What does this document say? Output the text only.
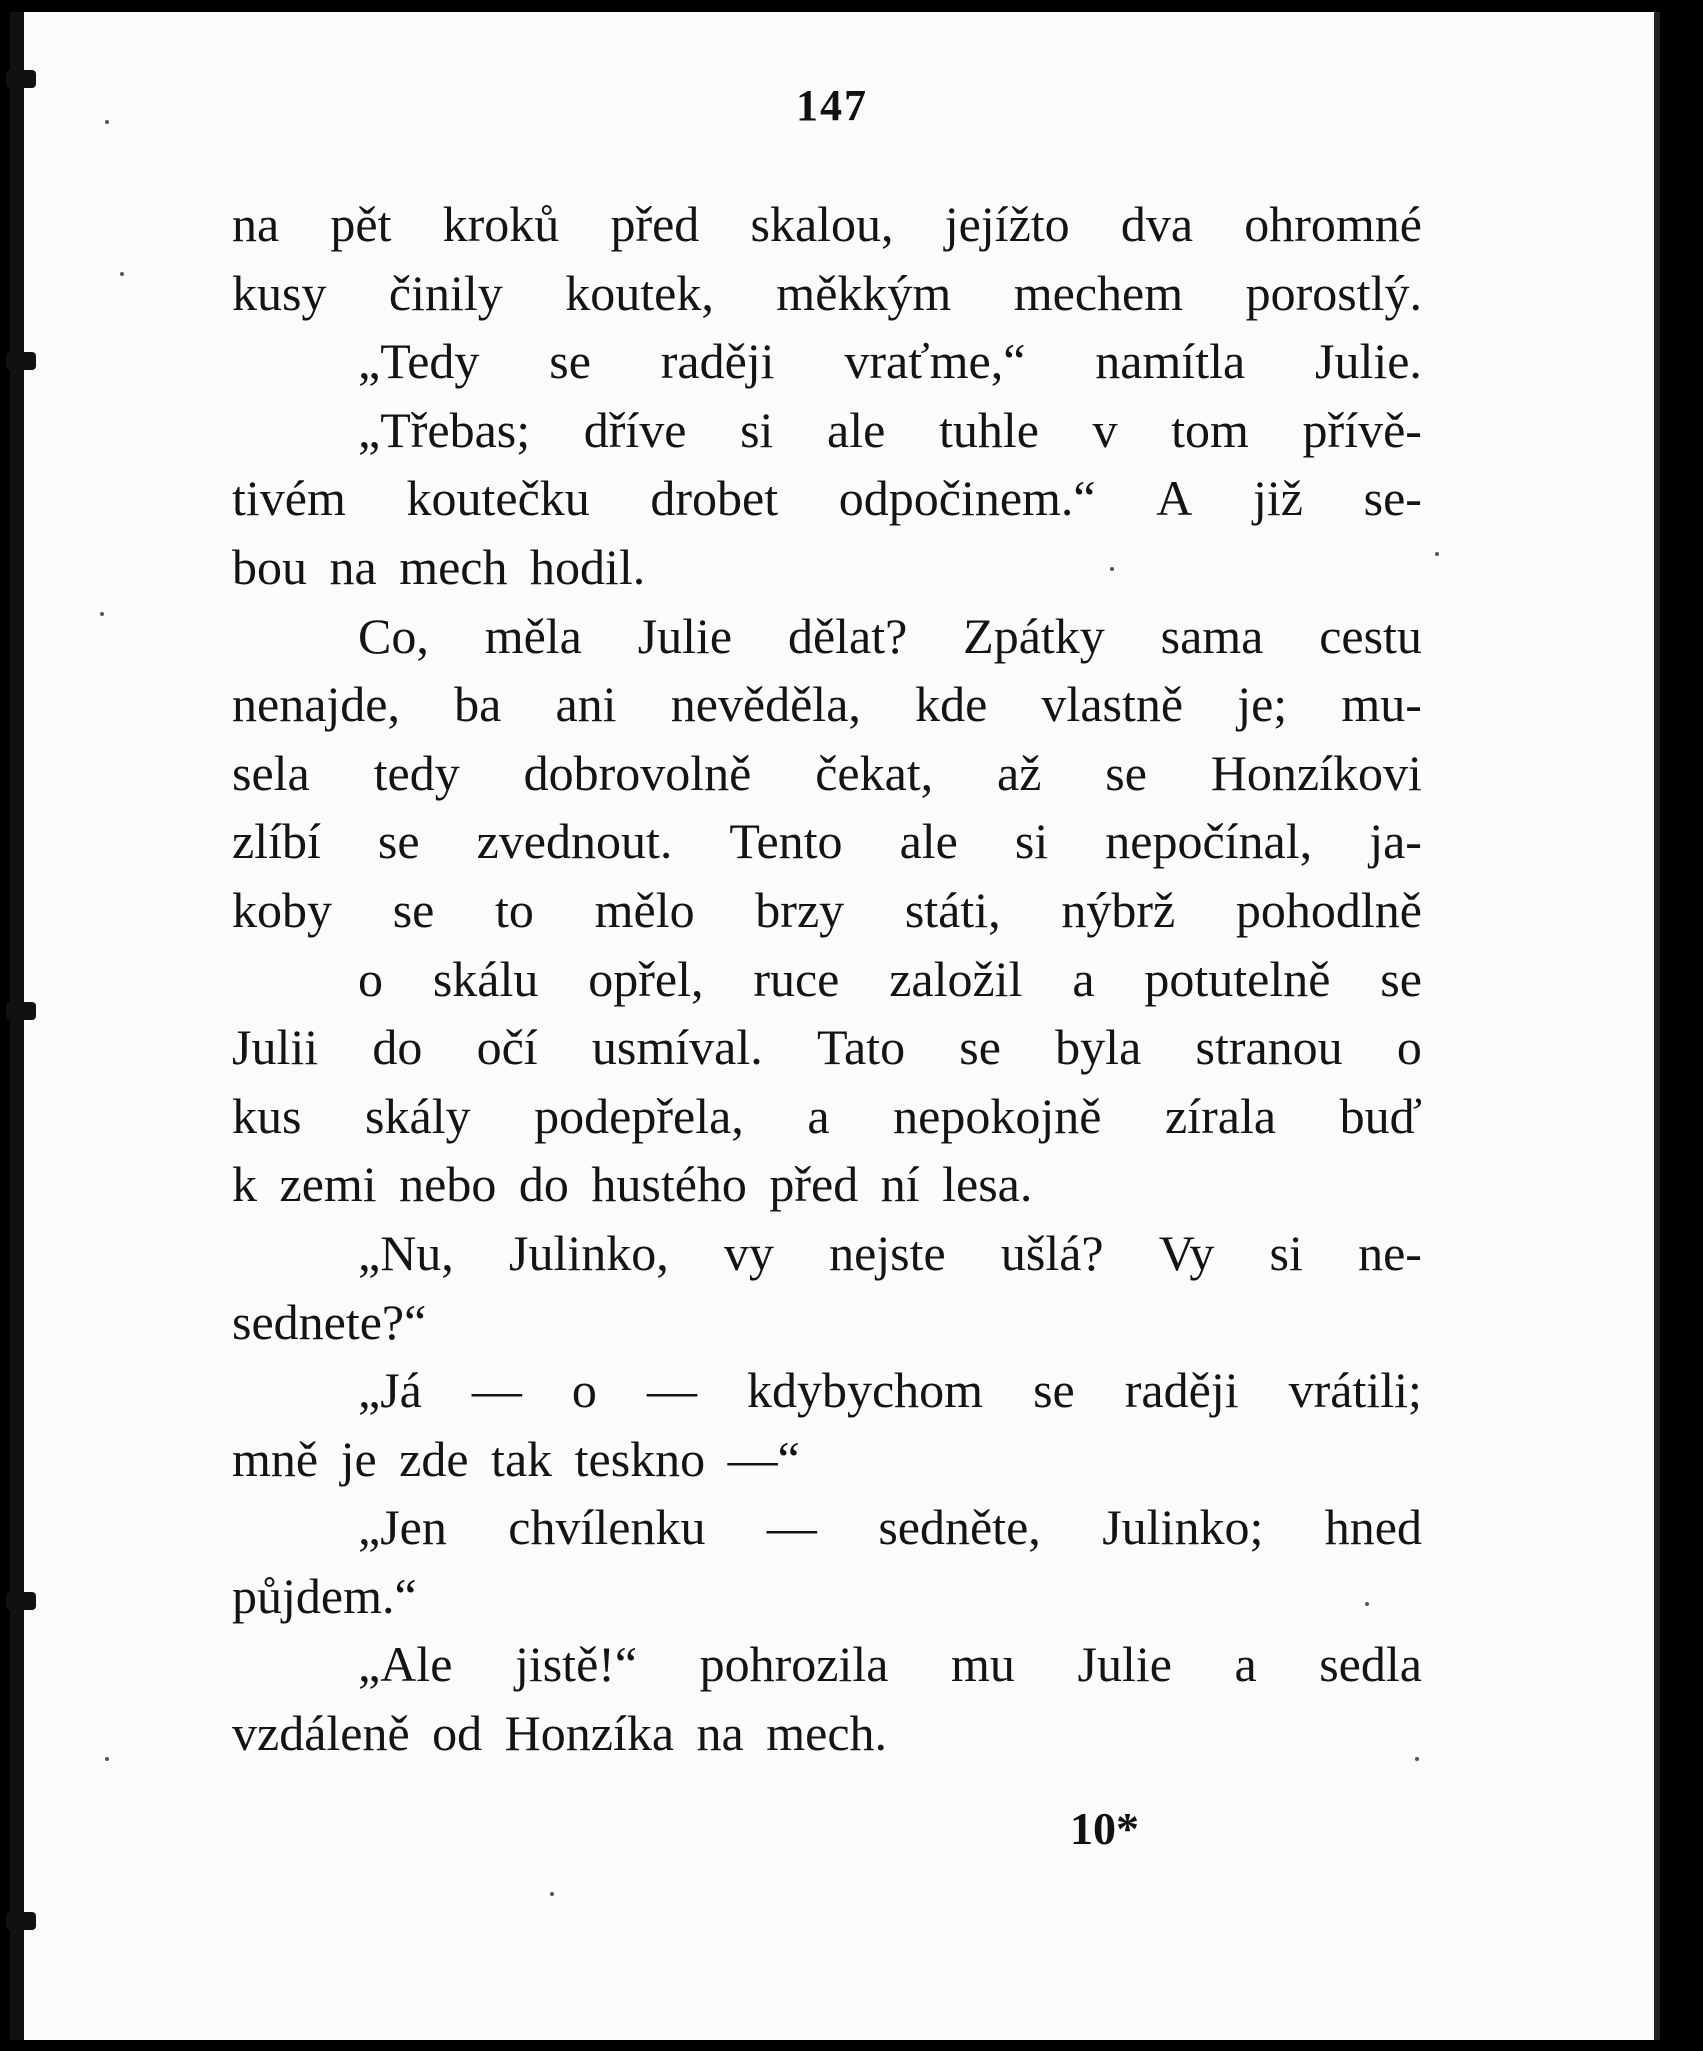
147
na pět kroků před skalou, jejížto dva ohromné
kusy činily koutek, měkkým mechem porostlý.
„Tedy se raději vraťme,“ namítla Julie.
„Třebas; dříve si ale tuhle v tom přívě-
tivém koutečku drobet odpočinem.“ A již se-
bou na mech hodil.
Co, měla Julie dělat? Zpátky sama cestu
nenajde, ba ani nevěděla, kde vlastně je; mu-
sela tedy dobrovolně čekat, až se Honzíkovi
zlíbí se zvednout. Tento ale si nepočínal, ja-
koby se to mělo brzy státi, nýbrž pohodlně
o skálu opřel, ruce založil a potutelně se
Julii do očí usmíval. Tato se byla stranou o
kus skály podepřela, a nepokojně zírala buď
k zemi nebo do hustého před ní lesa.
„Nu, Julinko, vy nejste ušlá? Vy si ne-
sednete?“
„Já — o — kdybychom se raději vrátili;
mně je zde tak teskno —“
„Jen chvílenku — sedněte, Julinko; hned
půjdem.“
„Ale jistě!“ pohrozila mu Julie a sedla
vzdáleně od Honzíka na mech.
10*
